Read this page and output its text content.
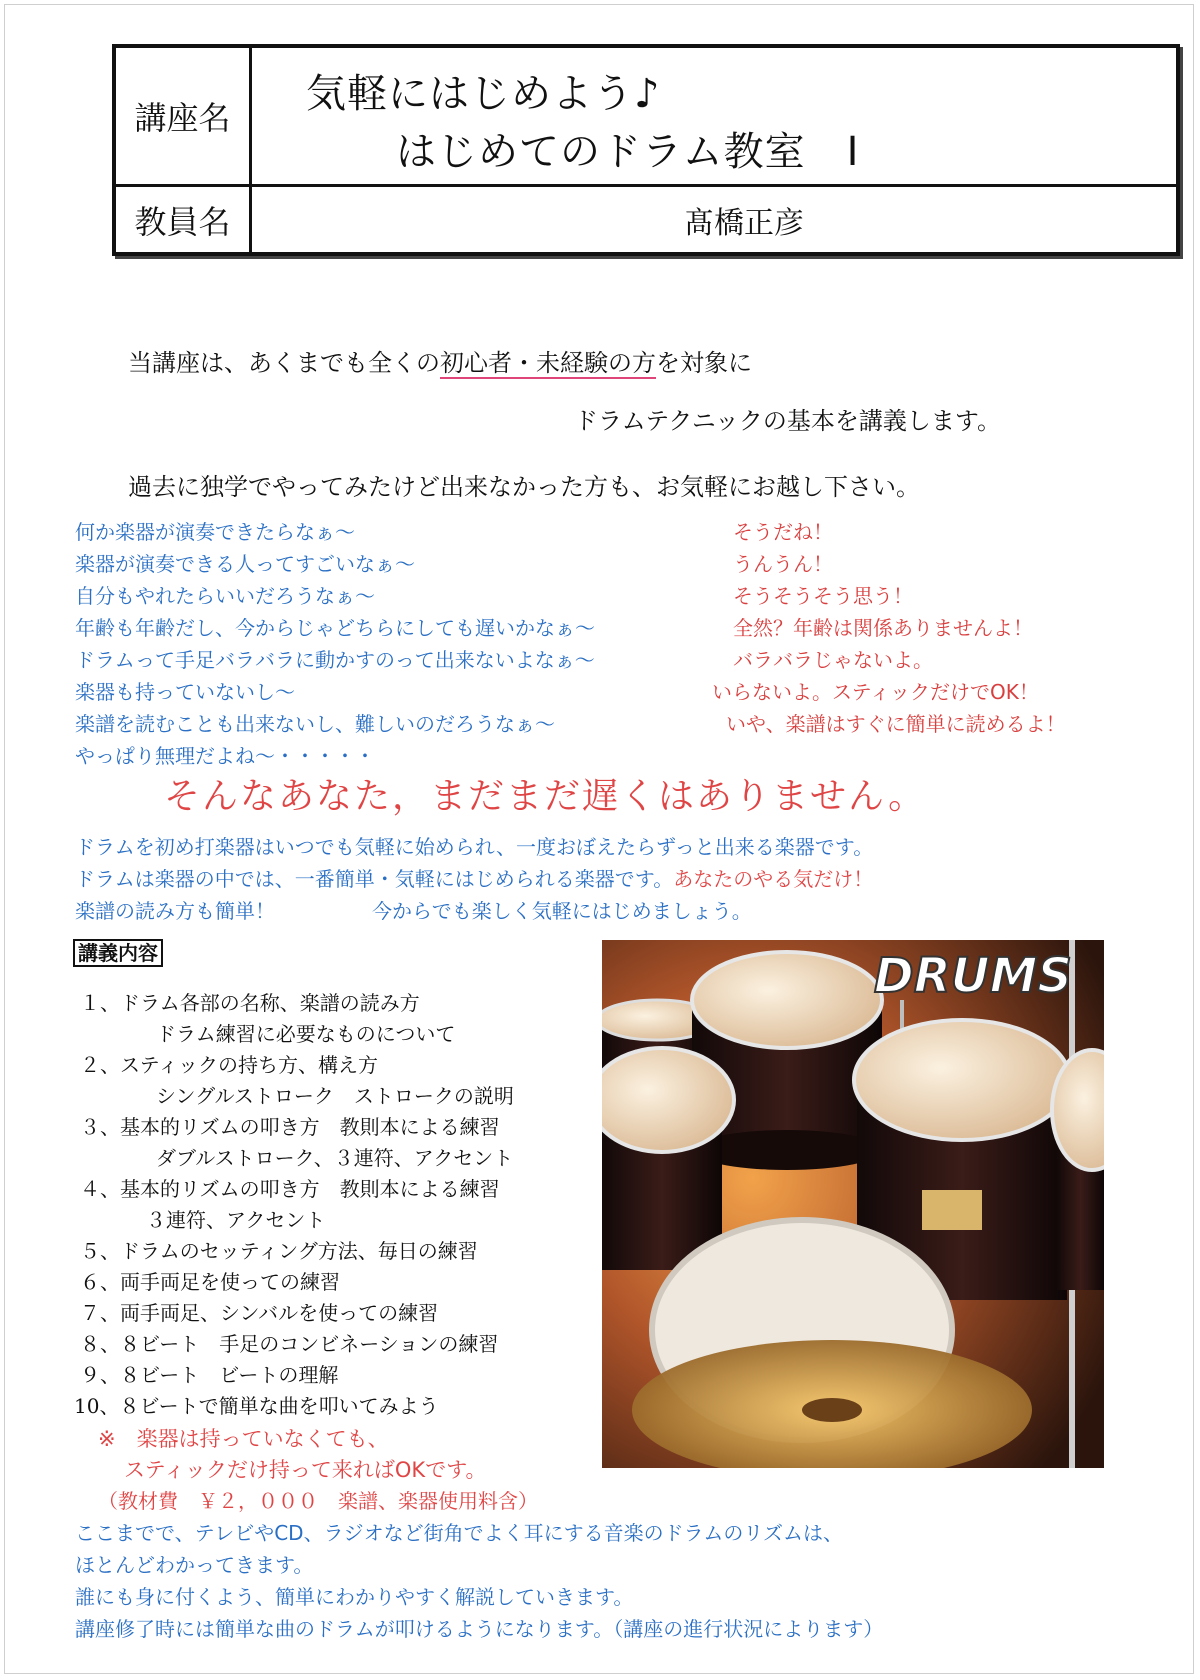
講座名
気軽にはじめよう♪
はじめてのドラム教室　Ⅰ
教員名	髙橋正彦
当講座は、あくまでも全くの初心者・未経験の方を対象に
ドラムテクニックの基本を講義します。
過去に独学でやってみたけど出来なかった方も、お気軽にお越し下さい。
何か楽器が演奏できたらなぁ～
楽器が演奏できる人ってすごいなぁ～
自分もやれたらいいだろうなぁ～
年齢も年齢だし、今からじゃどちらにしても遅いかなぁ～
ドラムって手足バラバラに動かすのって出来ないよなぁ～
楽器も持っていないし～
楽譜を読むことも出来ないし、難しいのだろうなぁ～
やっぱり無理だよね～・・・・・
そうだね！
うんうん！
そうそうそう思う！
全然？年齢は関係ありませんよ！
バラバラじゃないよ。
いらないよ。スティックだけでOK！
いや、楽譜はすぐに簡単に読めるよ！
そんなあなた，まだまだ遅くはありません。
ドラムを初め打楽器はいつでも気軽に始められ、一度おぼえたらずっと出来る楽器です。
ドラムは楽器の中では、一番簡単・気軽にはじめられる楽器です。あなたのやる気だけ！
楽譜の読み方も簡単！	今からでも楽しく気軽にはじめましょう。
講義内容
１、ドラム各部の名称、楽譜の読み方
ドラム練習に必要なものについて
２、スティックの持ち方、構え方
シングルストローク　ストロークの説明
３、基本的リズムの叩き方　教則本による練習
ダブルストローク、３連符、アクセント
４、基本的リズムの叩き方　教則本による練習
３連符、アクセント
５、ドラムのセッティング方法、毎日の練習
６、両手両足を使っての練習
７、両手両足、シンバルを使っての練習
８、８ビート　手足のコンビネーションの練習
９、８ビート　ビートの理解
10、８ビートで簡単な曲を叩いてみよう
※　楽器は持っていなくても、
スティックだけ持って来ればOKです。
（教材費　￥２，０００　楽譜、楽器使用料含）
ここまでで、テレビやCD、ラジオなど街角でよく耳にする音楽のドラムのリズムは、
ほとんどわかってきます。
誰にも身に付くよう、簡単にわかりやすく解説していきます。
講座修了時には簡単な曲のドラムが叩けるようになります。（講座の進行状況によります）
DRUMS
